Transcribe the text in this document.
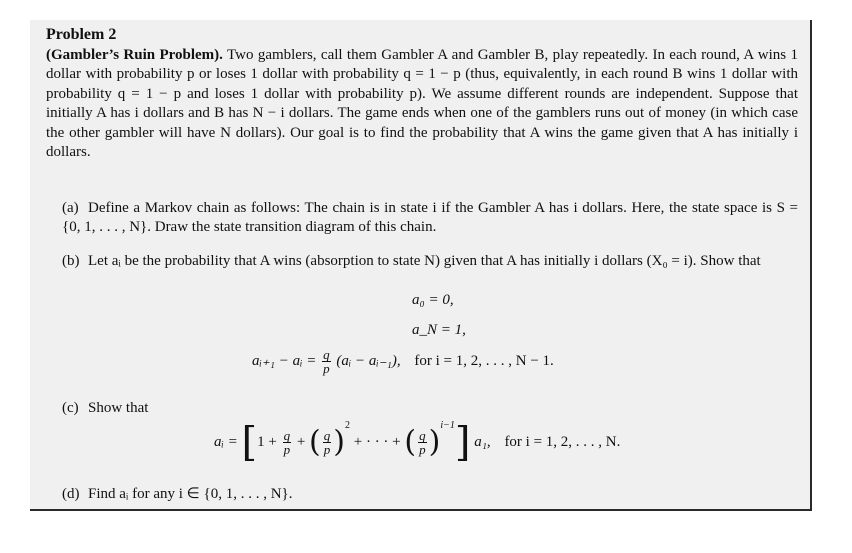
Problem 2
(Gambler’s Ruin Problem). Two gamblers, call them Gambler A and Gambler B, play repeatedly. In each round, A wins 1 dollar with probability p or loses 1 dollar with probability q = 1 − p (thus, equivalently, in each round B wins 1 dollar with probability q = 1 − p and loses 1 dollar with probability p). We assume different rounds are independent. Suppose that initially A has i dollars and B has N − i dollars. The game ends when one of the gamblers runs out of money (in which case the other gambler will have N dollars). Our goal is to find the probability that A wins the game given that A has initially i dollars.
(a) Define a Markov chain as follows: The chain is in state i if the Gambler A has i dollars. Here, the state space is S = {0, 1, . . . , N}. Draw the state transition diagram of this chain.
(b) Let aᵢ be the probability that A wins (absorption to state N) given that A has initially i dollars (X₀ = i). Show that
a₀ = 0,
a_N = 1,
aᵢ₊₁ − aᵢ = $\frac{q}{p}$ (aᵢ − aᵢ₋₁), for i = 1, 2, . . . , N − 1.
(c) Show that
aᵢ = [$1 + \frac{q}{p}$ + ( $\frac{q}{p} )^2$ + · · · + ( $\frac{q}{p} )^{i-1}$] a₁, for i = 1, 2, . . . , N.
(d) Find aᵢ for any i ∈ {0, 1, . . . , N}.
